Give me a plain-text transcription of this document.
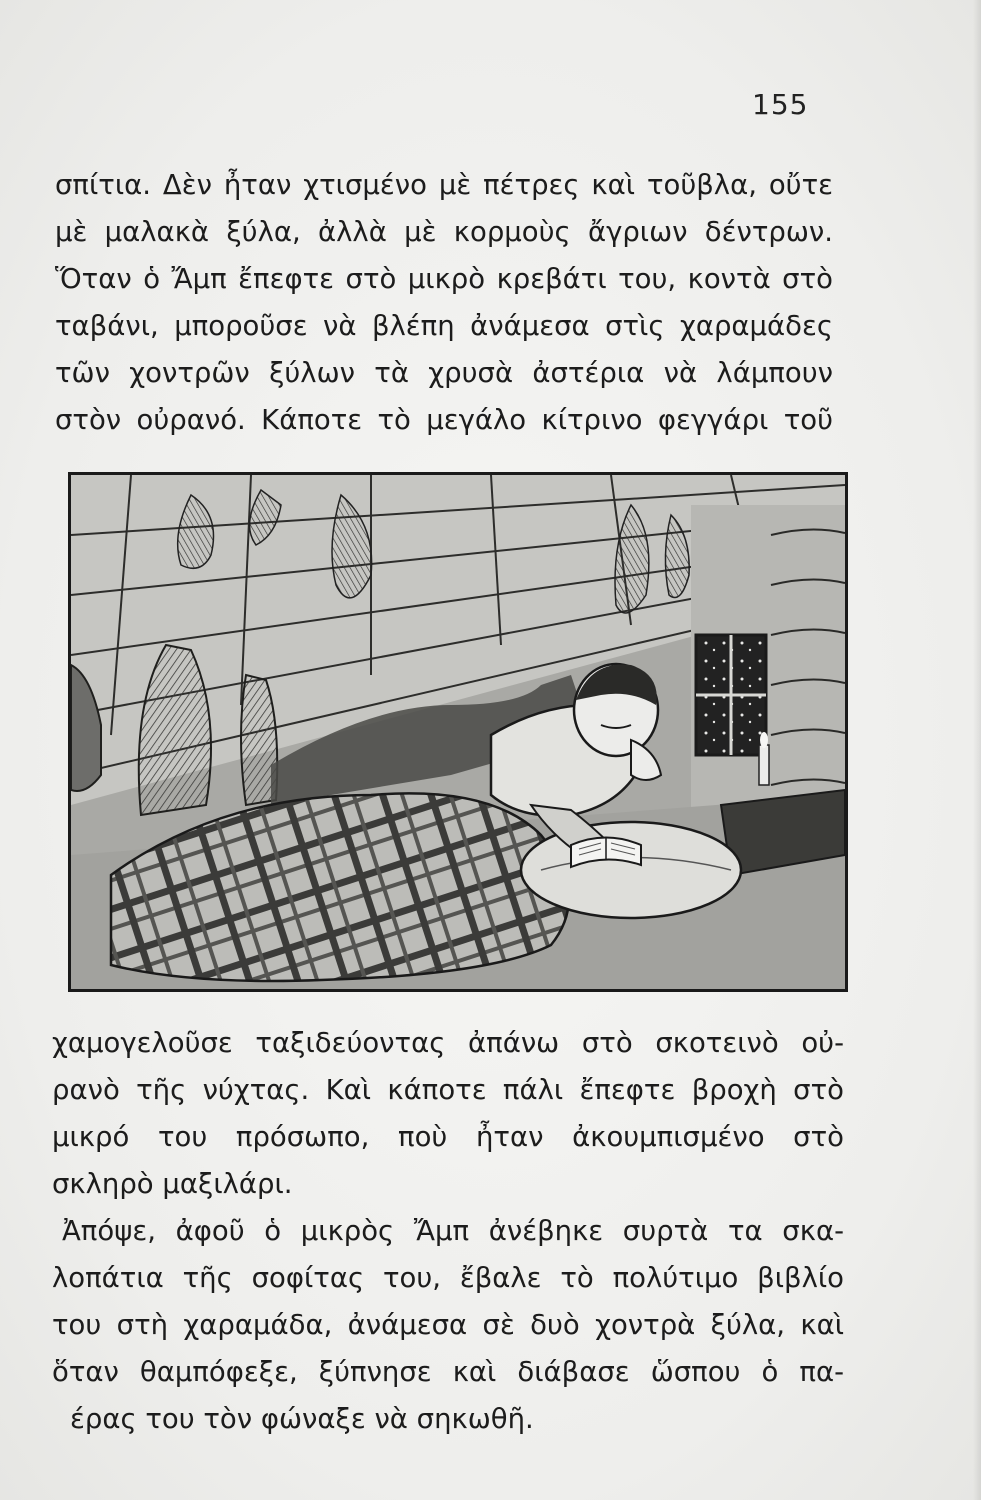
155
σπίτια. Δὲν ἦταν χτισμένο μὲ πέτρες καὶ τοῦβλα, οὔτε
μὲ μαλακὰ ξύλα, ἀλλὰ μὲ κορμοὺς ἄγριων δέντρων.
Ὅταν ὁ Ἄμπ ἔπεφτε στὸ μικρὸ κρεβάτι του, κοντὰ στὸ
ταβάνι, μποροῦσε νὰ βλέπη ἀνάμεσα στὶς χαραμάδες
τῶν χοντρῶν ξύλων τὰ χρυσὰ ἀστέρια νὰ λάμπουν
στὸν οὐρανό. Κάποτε τὸ μεγάλο κίτρινο φεγγάρι τοῦ
χαμογελοῦσε ταξιδεύοντας ἀπάνω στὸ σκοτεινὸ οὐ-
ρανὸ τῆς νύχτας. Καὶ κάποτε πάλι ἔπεφτε βροχὴ στὸ
μικρό του πρόσωπο, ποὺ ἦταν ἀκουμπισμένο στὸ
σκληρὸ μαξιλάρι.
Ἀπόψε, ἀφοῦ ὁ μικρὸς Ἄμπ ἀνέβηκε συρτὰ τα σκα-
λοπάτια τῆς σοφίτας του, ἔβαλε τὸ πολύτιμο βιβλίο
του στὴ χαραμάδα, ἀνάμεσα σὲ δυὸ χοντρὰ ξύλα, καὶ
ὅταν θαμπόφεξε, ξύπνησε καὶ διάβασε ὥσπου ὁ πα-
έρας του τὸν φώναξε νὰ σηκωθῆ.
